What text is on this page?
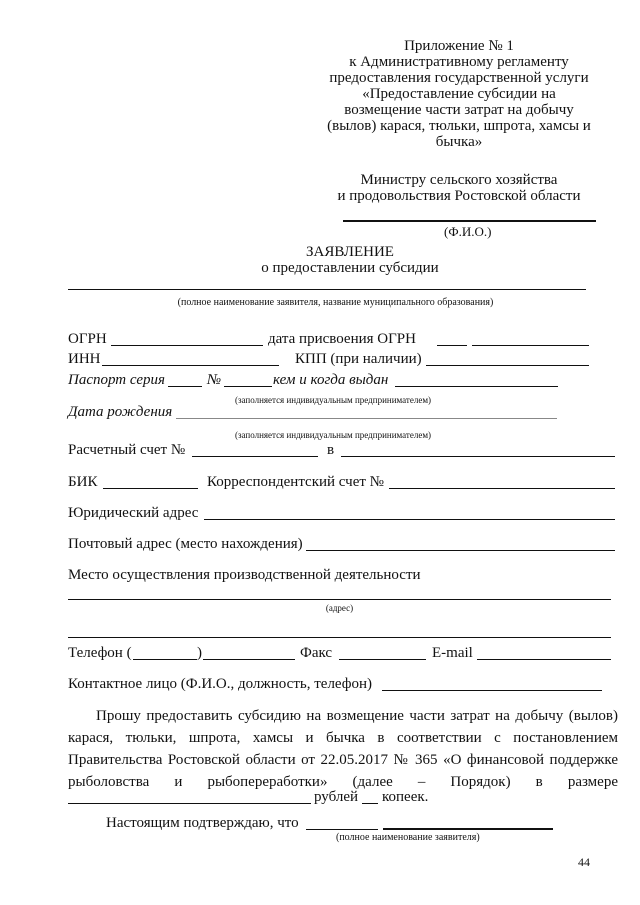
Приложение № 1
к Административному регламенту
предоставления государственной услуги
«Предоставление субсидии на
возмещение части затрат на добычу
(вылов) карася, тюльки, шпрота, хамсы и
бычка»
Министру сельского хозяйства
и продовольствия Ростовской области
(Ф.И.О.)
ЗАЯВЛЕНИЕ
о предоставлении субсидии
(полное наименование заявителя, название муниципального образования)
ОГРН	дата присвоения ОГРН
ИНН	КПП (при наличии)
Паспорт серия	№	кем и когда выдан
(заполняется индивидуальным предпринимателем)
Дата рождения
(заполняется индивидуальным предпринимателем)
Расчетный счет №	в
БИК	Корреспондентский счет №
Юридический адрес
Почтовый адрес (место нахождения)
Место осуществления производственной деятельности
(адрес)
Телефон (	)	Факс	E-mail
Контактное лицо (Ф.И.О., должность, телефон)
Прошу предоставить субсидию на возмещение части затрат на добычу (вылов)
карася, тюльки, шпрота, хамсы и бычка в соответствии с постановлением
Правительства Ростовской области от 22.05.2017 № 365 «О финансовой поддержке
рыболовства и рыбопереработки» (далее – Порядок) в размере
рублей копеек.
Настоящим подтверждаю, что
(полное наименование заявителя)
44
